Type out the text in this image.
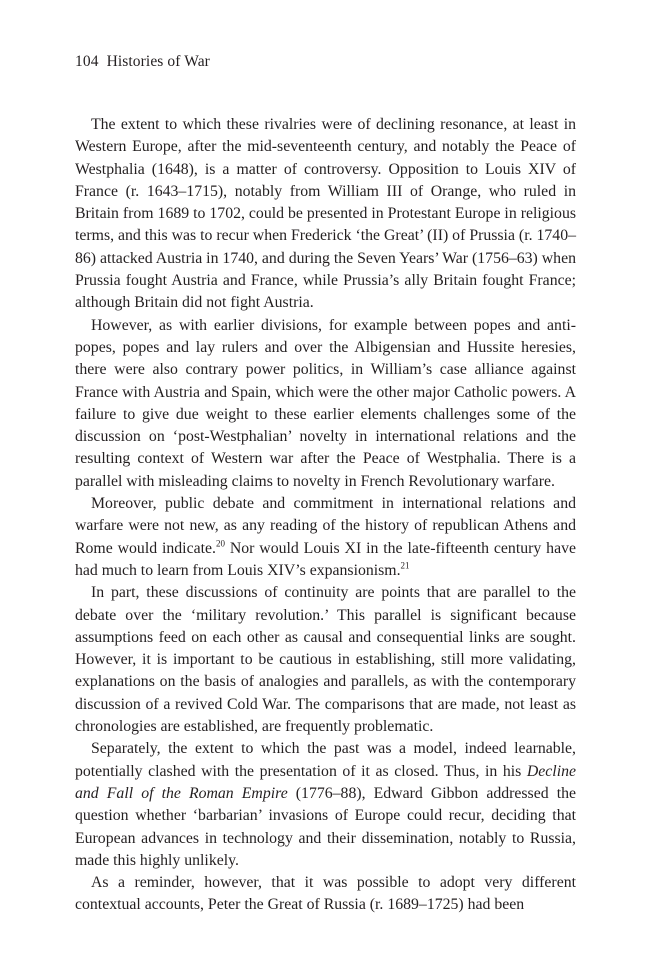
104 Histories of War

The extent to which these rivalries were of declining resonance, at least in Western Europe, after the mid-seventeenth century, and notably the Peace of Westphalia (1648), is a matter of controversy. Opposition to Louis XIV of France (r. 1643–1715), notably from William III of Orange, who ruled in Britain from 1689 to 1702, could be presented in Protestant Europe in religious terms, and this was to recur when Frederick ‘the Great’ (II) of Prussia (r. 1740–86) attacked Austria in 1740, and during the Seven Years’ War (1756–63) when Prussia fought Austria and France, while Prussia’s ally Britain fought France; although Britain did not fight Austria.

However, as with earlier divisions, for example between popes and anti-popes, popes and lay rulers and over the Albigensian and Hussite heresies, there were also contrary power politics, in William’s case alliance against France with Austria and Spain, which were the other major Catholic powers. A failure to give due weight to these earlier elements challenges some of the discussion on ‘post-Westphalian’ novelty in international relations and the resulting context of Western war after the Peace of Westphalia. There is a parallel with misleading claims to novelty in French Revolutionary warfare.

Moreover, public debate and commitment in international relations and warfare were not new, as any reading of the history of republican Athens and Rome would indicate.$^{20}$ Nor would Louis XI in the late-fifteenth century have had much to learn from Louis XIV’s expansionism.$^{21}$

In part, these discussions of continuity are points that are parallel to the debate over the ‘military revolution.’ This parallel is significant because assumptions feed on each other as causal and consequential links are sought. However, it is important to be cautious in establishing, still more validating, explanations on the basis of analogies and parallels, as with the contemporary discussion of a revived Cold War. The comparisons that are made, not least as chronologies are established, are frequently problematic.

Separately, the extent to which the past was a model, indeed learnable, potentially clashed with the presentation of it as closed. Thus, in his Decline and Fall of the Roman Empire (1776–88), Edward Gibbon addressed the question whether ‘barbarian’ invasions of Europe could recur, deciding that European advances in technology and their dissemination, notably to Russia, made this highly unlikely.

As a reminder, however, that it was possible to adopt very different contextual accounts, Peter the Great of Russia (r. 1689–1725) had been
